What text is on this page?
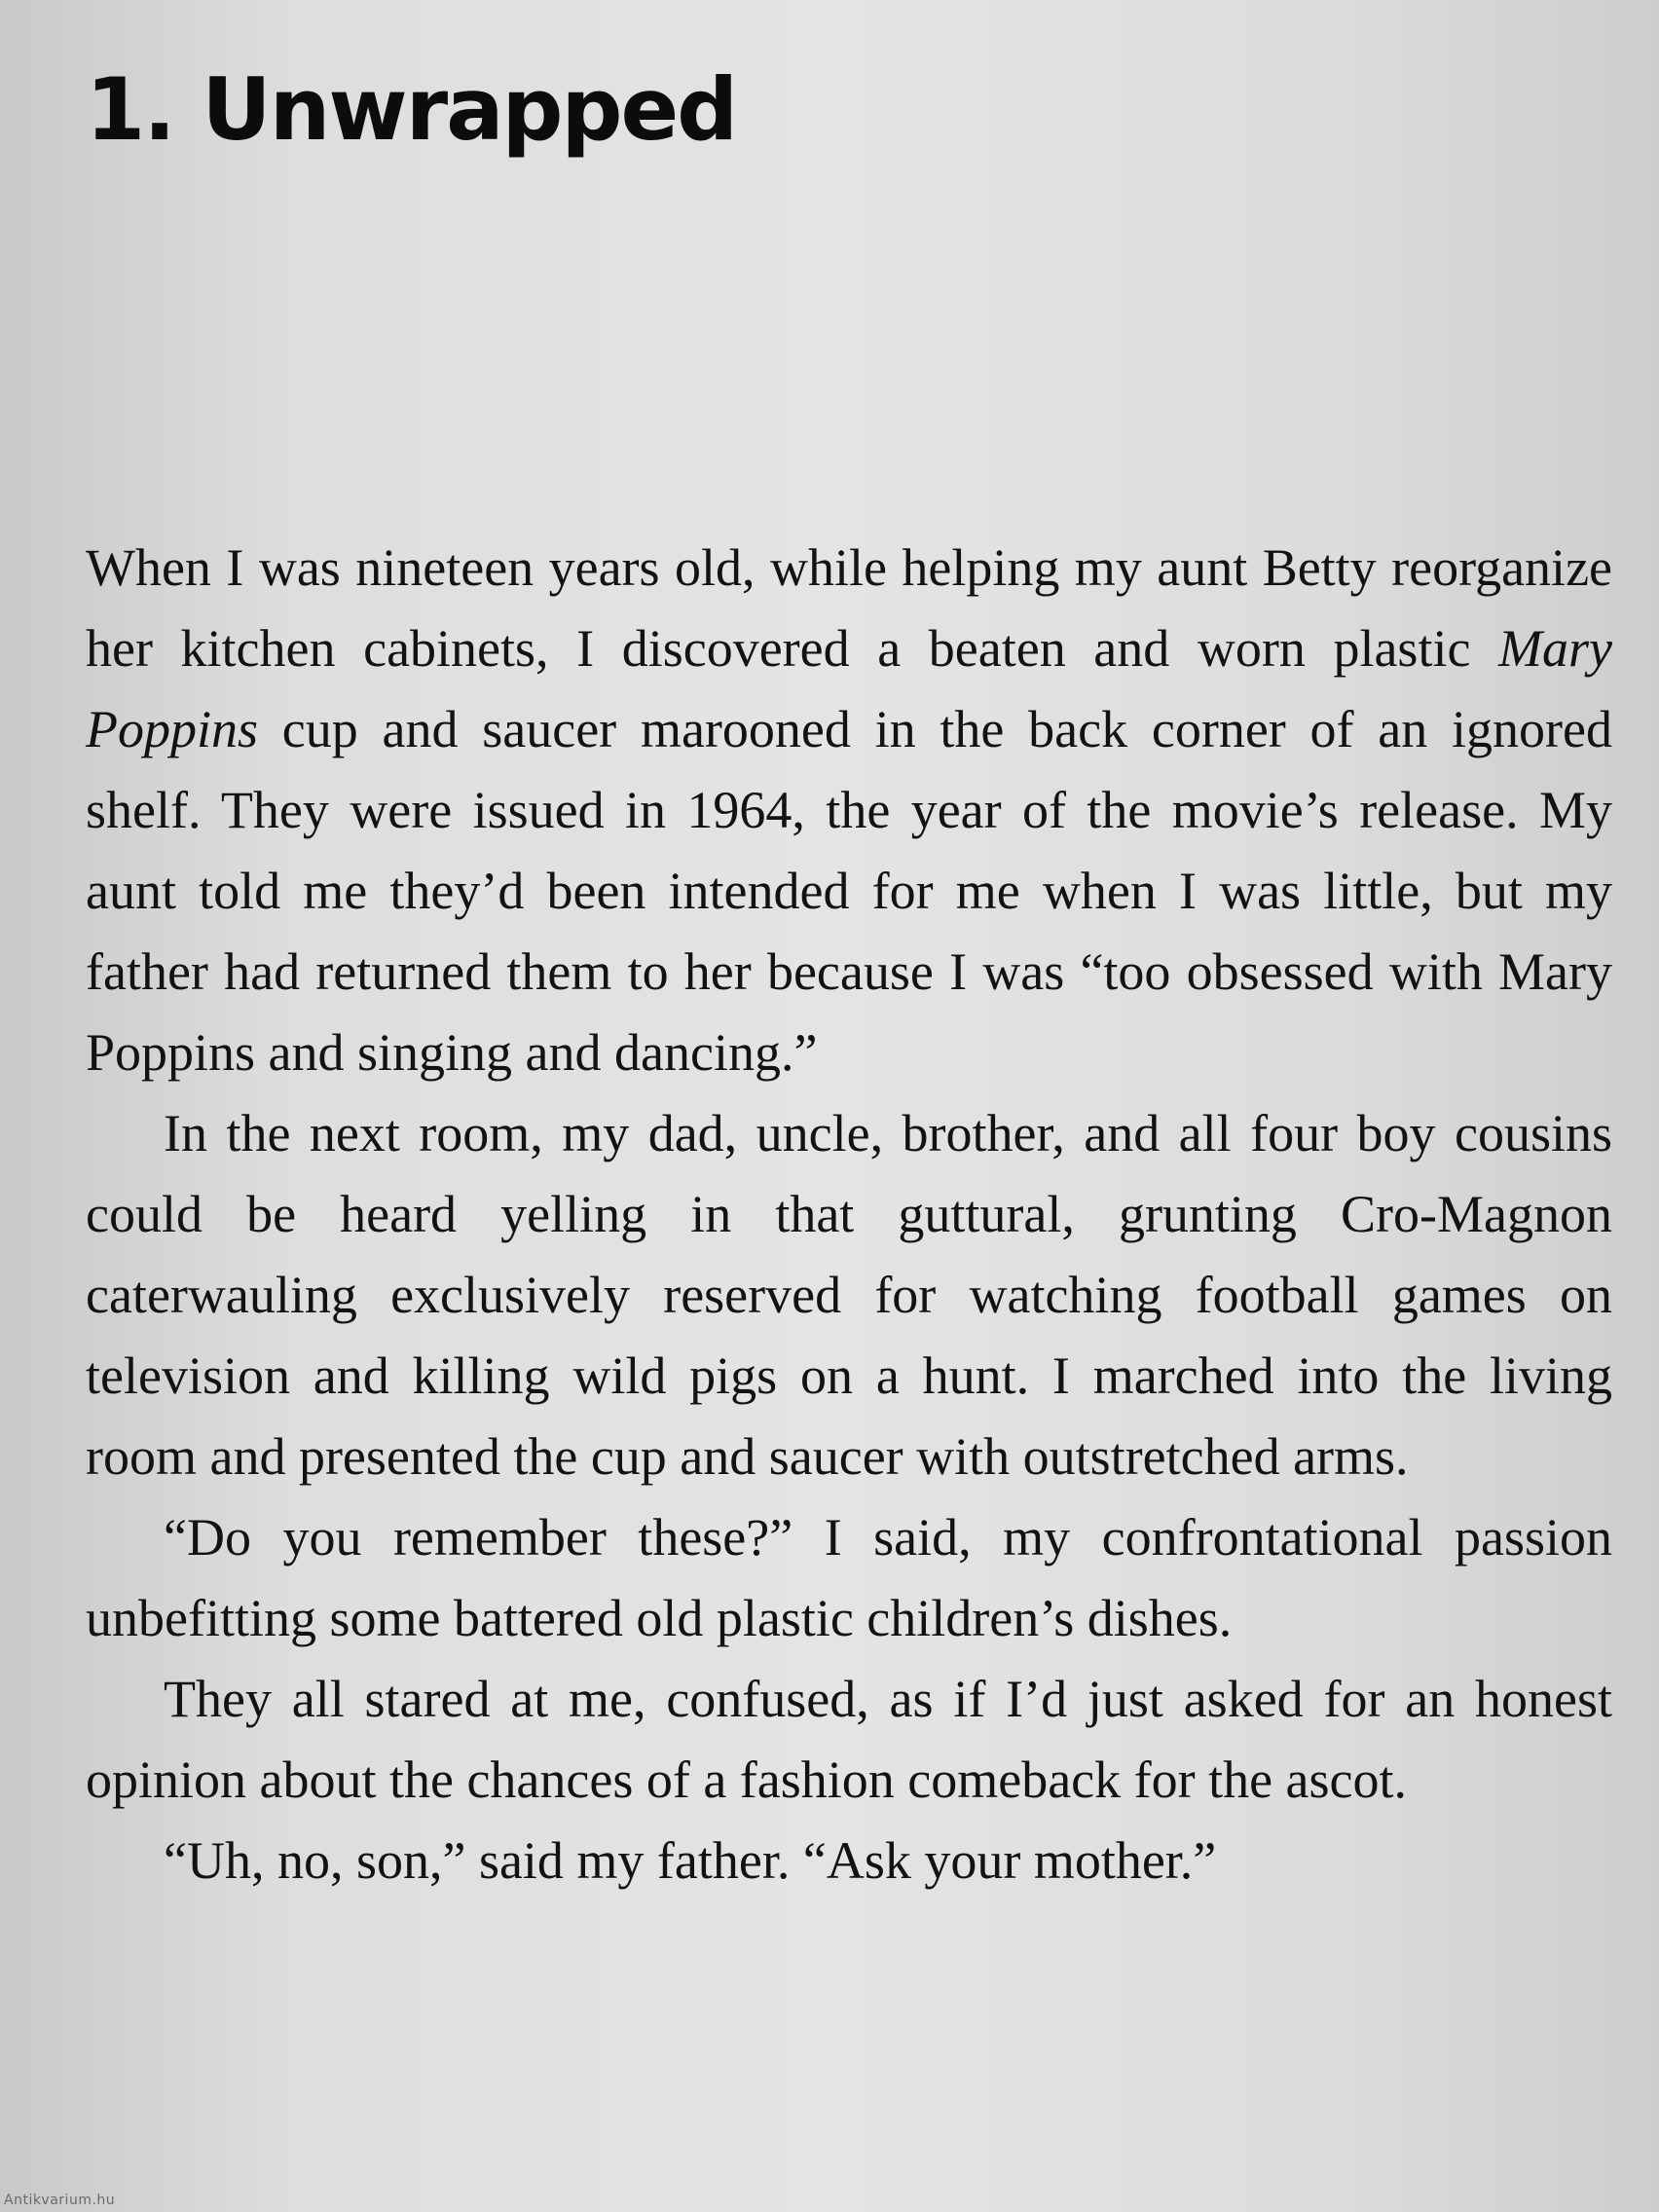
1. Unwrapped

When I was nineteen years old, while helping my aunt Betty reorganize her kitchen cabinets, I discovered a beaten and worn plastic Mary Poppins cup and saucer marooned in the back corner of an ignored shelf. They were issued in 1964, the year of the movie’s release. My aunt told me they’d been intended for me when I was little, but my father had returned them to her because I was “too obsessed with Mary Poppins and singing and dancing.”

In the next room, my dad, uncle, brother, and all four boy cousins could be heard yelling in that guttural, grunting Cro-Magnon caterwauling exclusively reserved for watching football games on television and killing wild pigs on a hunt. I marched into the living room and presented the cup and saucer with outstretched arms.

“Do you remember these?” I said, my confrontational passion unbefitting some battered old plastic children’s dishes.

They all stared at me, confused, as if I’d just asked for an honest opinion about the chances of a fashion comeback for the ascot.

“Uh, no, son,” said my father. “Ask your mother.”

Antikvarium.hu
